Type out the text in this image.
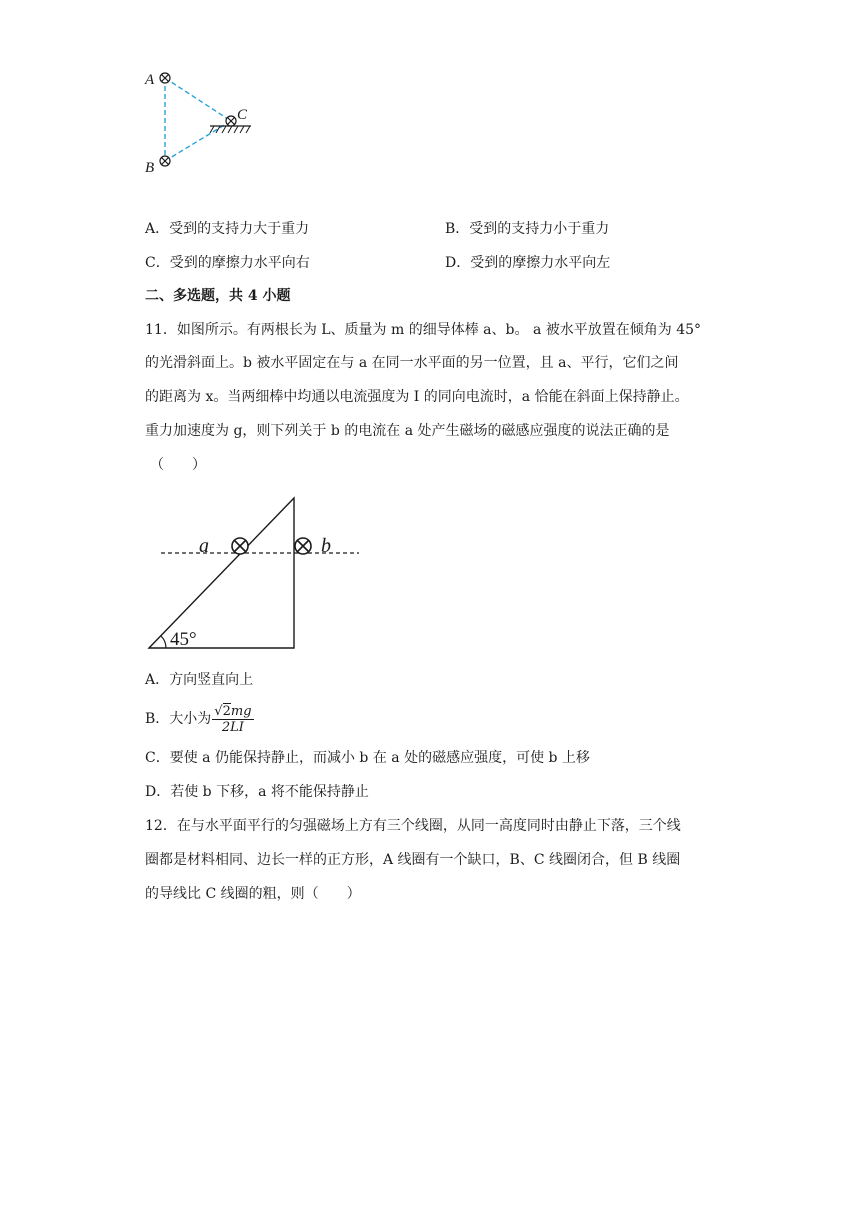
A
B
C
A．受到的支持力大于重力	B．受到的支持力小于重力
C．受到的摩擦力水平向右	D．受到的摩擦力水平向左
二、多选题，共 4 小题
11．如图所示。有两根长为 L、质量为 m 的细导体棒 a、b。 a 被水平放置在倾角为 45°
的光滑斜面上。b 被水平固定在与 a 在同一水平面的另一位置，且 a、平行，它们之间
的距离为 x。当两细棒中均通以电流强度为 I 的同向电流时，a 恰能在斜面上保持静止。
重力加速度为 g，则下列关于 b 的电流在 a 处产生磁场的磁感应强度的说法正确的是
（　　）
a	b
45°
A．方向竖直向上
B．大小为 $\frac{√2mg}{2LI}$
C．要使 a 仍能保持静止，而减小 b 在 a 处的磁感应强度，可使 b 上移
D．若使 b 下移，a 将不能保持静止
12．在与水平面平行的匀强磁场上方有三个线圈，从同一高度同时由静止下落，三个线
圈都是材料相同、边长一样的正方形，A 线圈有一个缺口，B、C 线圈闭合，但 B 线圈
的导线比 C 线圈的粗，则（　　）
